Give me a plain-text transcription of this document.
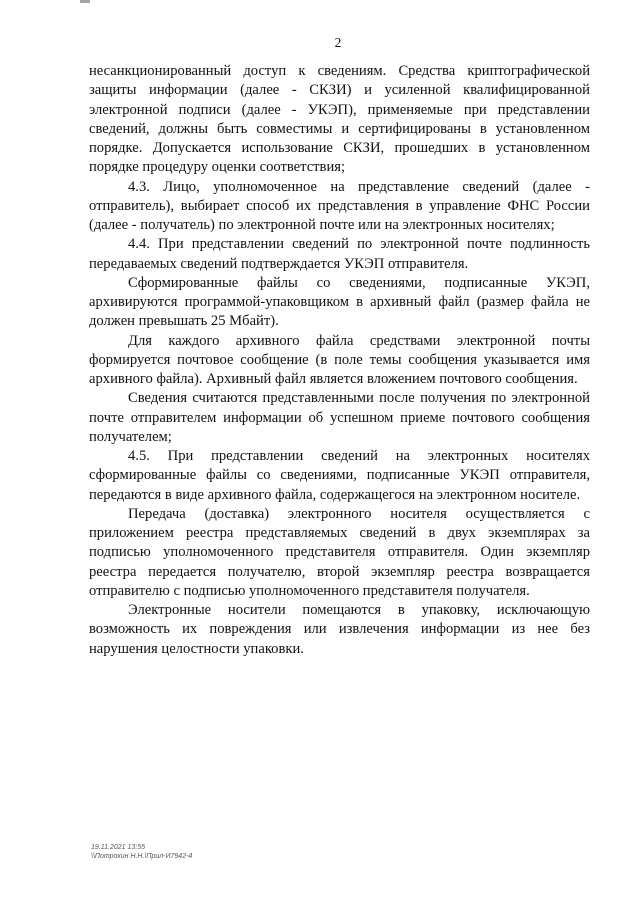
2

несанкционированный доступ к сведениям. Средства криптографической защиты информации (далее - СКЗИ) и усиленной квалифицированной электронной подписи (далее - УКЭП), применяемые при представлении сведений, должны быть совместимы и сертифицированы в установленном порядке. Допускается использование СКЗИ, прошедших в установленном порядке процедуру оценки соответствия;

4.3. Лицо, уполномоченное на представление сведений (далее - отправитель), выбирает способ их представления в управление ФНС России (далее - получатель) по электронной почте или на электронных носителях;

4.4. При представлении сведений по электронной почте подлинность передаваемых сведений подтверждается УКЭП отправителя.

Сформированные файлы со сведениями, подписанные УКЭП, архивируются программой-упаковщиком в архивный файл (размер файла не должен превышать 25 Мбайт).

Для каждого архивного файла средствами электронной почты формируется почтовое сообщение (в поле темы сообщения указывается имя архивного файла). Архивный файл является вложением почтового сообщения.

Сведения считаются представленными после получения по электронной почте отправителем информации об успешном приеме почтового сообщения получателем;

4.5. При представлении сведений на электронных носителях сформированные файлы со сведениями, подписанные УКЭП отправителя, передаются в виде архивного файла, содержащегося на электронном носителе.

Передача (доставка) электронного носителя осуществляется с приложением реестра представляемых сведений в двух экземплярах за подписью уполномоченного представителя отправителя. Один экземпляр реестра передается получателю, второй экземпляр реестра возвращается отправителю с подписью уполномоченного представителя получателя.

Электронные носители помещаются в упаковку, исключающую возможность их повреждения или извлечения информации из нее без нарушения целостности упаковки.

19.11.2021 13:55
\\Потрохин Н.Н.\Прил-И7942-4
